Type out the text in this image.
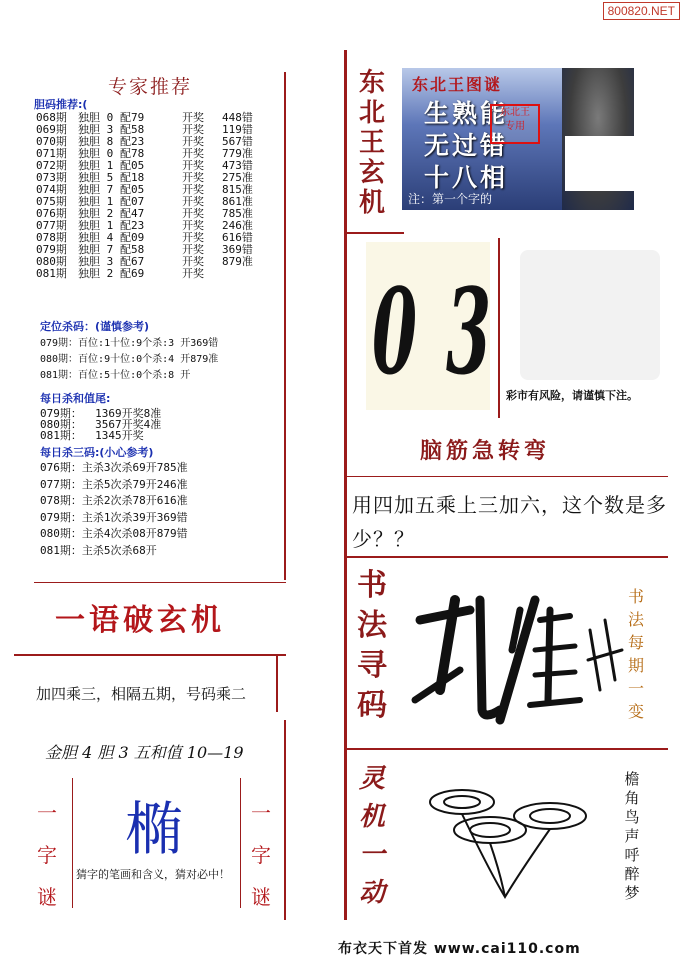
800820.NET
专家推荐
胆码推荐:(
068期 独胆 0 配79	开奖 448错
069期 独胆 3 配58	开奖 119错
070期 独胆 8 配23	开奖 567错
071期 独胆 0 配78	开奖 779准
072期 独胆 1 配05	开奖 473错
073期 独胆 5 配18	开奖 275准
074期 独胆 7 配05	开奖 815准
075期 独胆 1 配07	开奖 861准
076期 独胆 2 配47	开奖 785准
077期 独胆 1 配23	开奖 246准
078期 独胆 4 配09	开奖 616错
079期 独胆 7 配58	开奖 369错
080期 独胆 3 配67	开奖 879准
081期 独胆 2 配69	开奖
定位杀码：(谨慎参考)
079期：百位:1十位:9个杀:3 开369错
080期：百位:9十位:0个杀:4 开879准
081期：百位:5十位:0个杀:8 开
每日杀和值尾:
079期：  1369开奖8准
080期：  3567开奖4准
081期：  1345开奖
每日杀三码:(小心参考)
076期：主杀3次杀69开785准
077期：主杀5次杀79开246准
078期：主杀2次杀78开616准
079期：主杀1次杀39开369错
080期：主杀4次杀08开879错
081期：主杀5次杀68开
一语破玄机
加四乘三，相隔五期，号码乘二
金胆 4 胆 3 五和值 10—19
一
字
谜
椭
猜字的笔画和含义，猜对必中！
一
字
谜
东
北
王
玄
机
东北王图谜
生熟能
无过错
十八相
东北王
专用
注：第一个字的
0 3 彩市有风险，请谨慎下注。
脑筋急转弯
用四加五乘上三加六，这个数是多少？？
书
法
寻
码
书
法
每
期
一
变
灵
机
一
动
檐
角
鸟
声
呼
醉
梦
布衣天下首发 www.cai110.com
